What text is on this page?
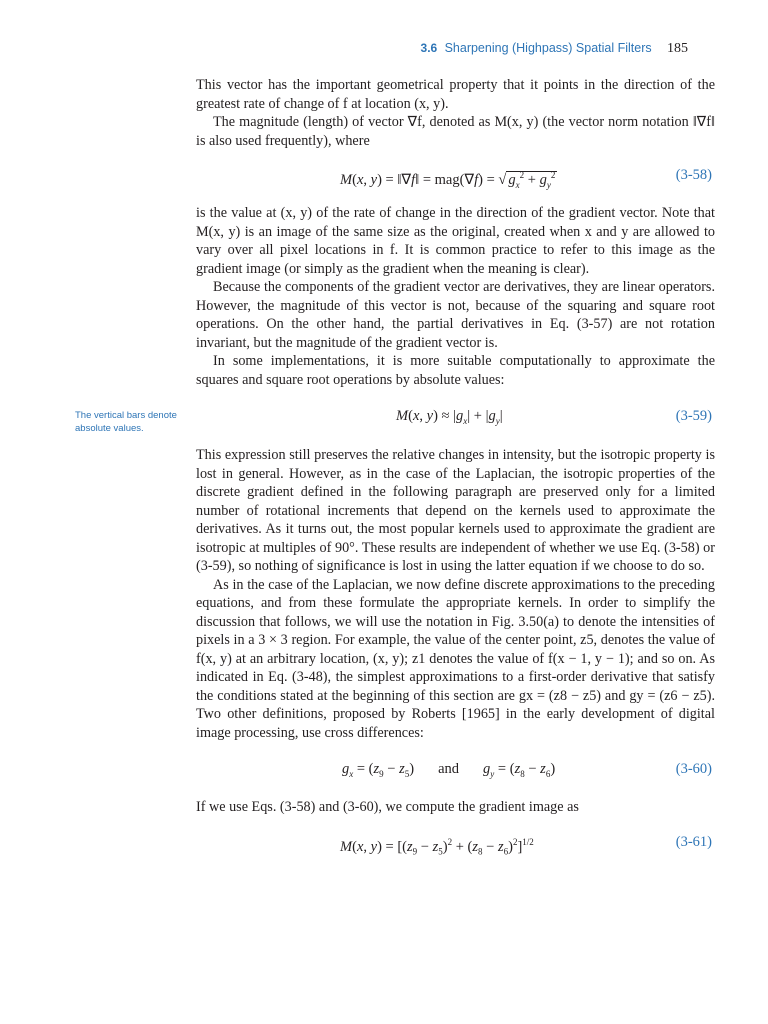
3.6 Sharpening (Highpass) Spatial Filters 185
The vertical bars denote absolute values.

This vector has the important geometrical property that it points in the direction of the greatest rate of change of f at location (x, y).

The magnitude (length) of vector ∇f, denoted as M(x, y) (the vector norm notation ‖∇f‖ is also used frequently), where

M(x, y) = ‖∇f‖ = mag(∇f) = √ $g_x^2 + g_y^2$	(3-58)

is the value at (x, y) of the rate of change in the direction of the gradient vector. Note that M(x, y) is an image of the same size as the original, created when x and y are allowed to vary over all pixel locations in f. It is common practice to refer to this image as the gradient image (or simply as the gradient when the meaning is clear).

Because the components of the gradient vector are derivatives, they are linear operators. However, the magnitude of this vector is not, because of the squaring and square root operations. On the other hand, the partial derivatives in Eq. (3-57) are not rotation invariant, but the magnitude of the gradient vector is.

In some implementations, it is more suitable computationally to approximate the squares and square root operations by absolute values:

M(x, $y) \approx |g_x| + |g_y|$	(3-59)

This expression still preserves the relative changes in intensity, but the isotropic property is lost in general. However, as in the case of the Laplacian, the isotropic properties of the discrete gradient defined in the following paragraph are preserved only for a limited number of rotational increments that depend on the kernels used to approximate the derivatives. As it turns out, the most popular kernels used to approximate the gradient are isotropic at multiples of 90°. These results are independent of whether we use Eq. (3-58) or (3-59), so nothing of significance is lost in using the latter equation if we choose to do so.

As in the case of the Laplacian, we now define discrete approximations to the preceding equations, and from these formulate the appropriate kernels. In order to simplify the discussion that follows, we will use the notation in Fig. 3.50(a) to denote the intensities of pixels in a 3 × 3 region. For example, the value of the center point, z5, denotes the value of f(x, y) at an arbitrary location, (x, y); z1 denotes the value of f(x − 1, y − 1); and so on. As indicated in Eq. (3-48), the simplest approximations to a first-order derivative that satisfy the conditions stated at the beginning of this section are gx = (z8 − z5) and gy = (z6 − z5). Two other definitions, proposed by Roberts [1965] in the early development of digital image processing, use cross differences:

$g_x = (z_9 - z_5)$ and $g_y = (z_8 - z_6)$	(3-60)

If we use Eqs. (3-58) and (3-60), we compute the gradient image as

M(x, $y) = [(z_9 - z_5)^2 + (z_8 - z_6)^2]^{1/2}$	(3-61)
